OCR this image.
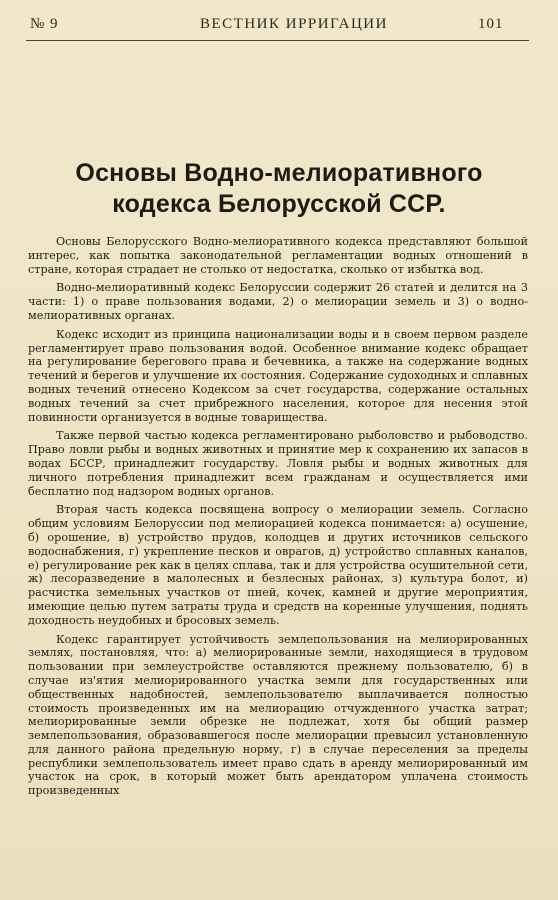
№ 9	ВЕСТНИК ИРРИГАЦИИ	101
Основы Водно-мелиоративного
кодекса Белорусской ССР.

Основы Белорусского Водно-мелиоративного кодекса представляют большой интерес, как попытка законодательной регламентации водных отношений в стране, которая страдает не столько от недостатка, сколько от избытка вод.

Водно-мелиоративный кодекс Белоруссии содержит 26 статей и делится на 3 части: 1) о праве пользования водами, 2) о мелиорации земель и 3) о водно-мелиоративных органах.

Кодекс исходит из принципа национализации воды и в своем первом разделе регламентирует право пользования водой. Особенное внимание кодекс обращает на регулирование берегового права и бечевника, а также на содержание водных течений и берегов и улучшение их состояния. Содержание судоходных и сплавных водных течений отнесено Кодексом за счет государства, содержание остальных водных течений за счет прибрежного населения, которое для несения этой повинности организуется в водные товарищества.

Также первой частью кодекса регламентировано рыболовство и рыбоводство. Право ловли рыбы и водных животных и принятие мер к сохранению их запасов в водах БССР, принадлежит государству. Ловля рыбы и водных животных для личного потребления принадлежит всем гражданам и осуществляется ими бесплатно под надзором водных органов.

Вторая часть кодекса посвящена вопросу о мелиорации земель. Согласно общим условиям Белоруссии под мелиорацией кодекса понимается: а) осушение, б) орошение, в) устройство прудов, колодцев и других источников сельского водоснабжения, г) укрепление песков и оврагов, д) устройство сплавных каналов, е) регулирование рек как в целях сплава, так и для устройства осушительной сети, ж) лесоразведение в малолесных и безлесных районах, з) культура болот, и) расчистка земельных участков от пней, кочек, камней и другие мероприятия, имеющие целью путем затраты труда и средств на коренные улучшения, поднять доходность неудобных и бросовых земель.

Кодекс гарантирует устойчивость землепользования на мелиорированных землях, постановляя, что: а) мелиорированные земли, находящиеся в трудовом пользовании при землеустройстве оставляются прежнему пользователю, б) в случае из'ятия мелиорированного участка земли для государственных или общественных надобностей, землепользователю выплачивается полностью стоимость произведенных им на мелиорацию отчужденного участка затрат; мелиорированные земли обрезке не подлежат, хотя бы общий размер землепользования, образовавшегося после мелиорации превысил установленную для данного района предельную норму, г) в случае переселения за пределы республики землепользователь имеет право сдать в аренду мелиорированный им участок на срок, в который может быть арендатором уплачена стоимость произведенных
